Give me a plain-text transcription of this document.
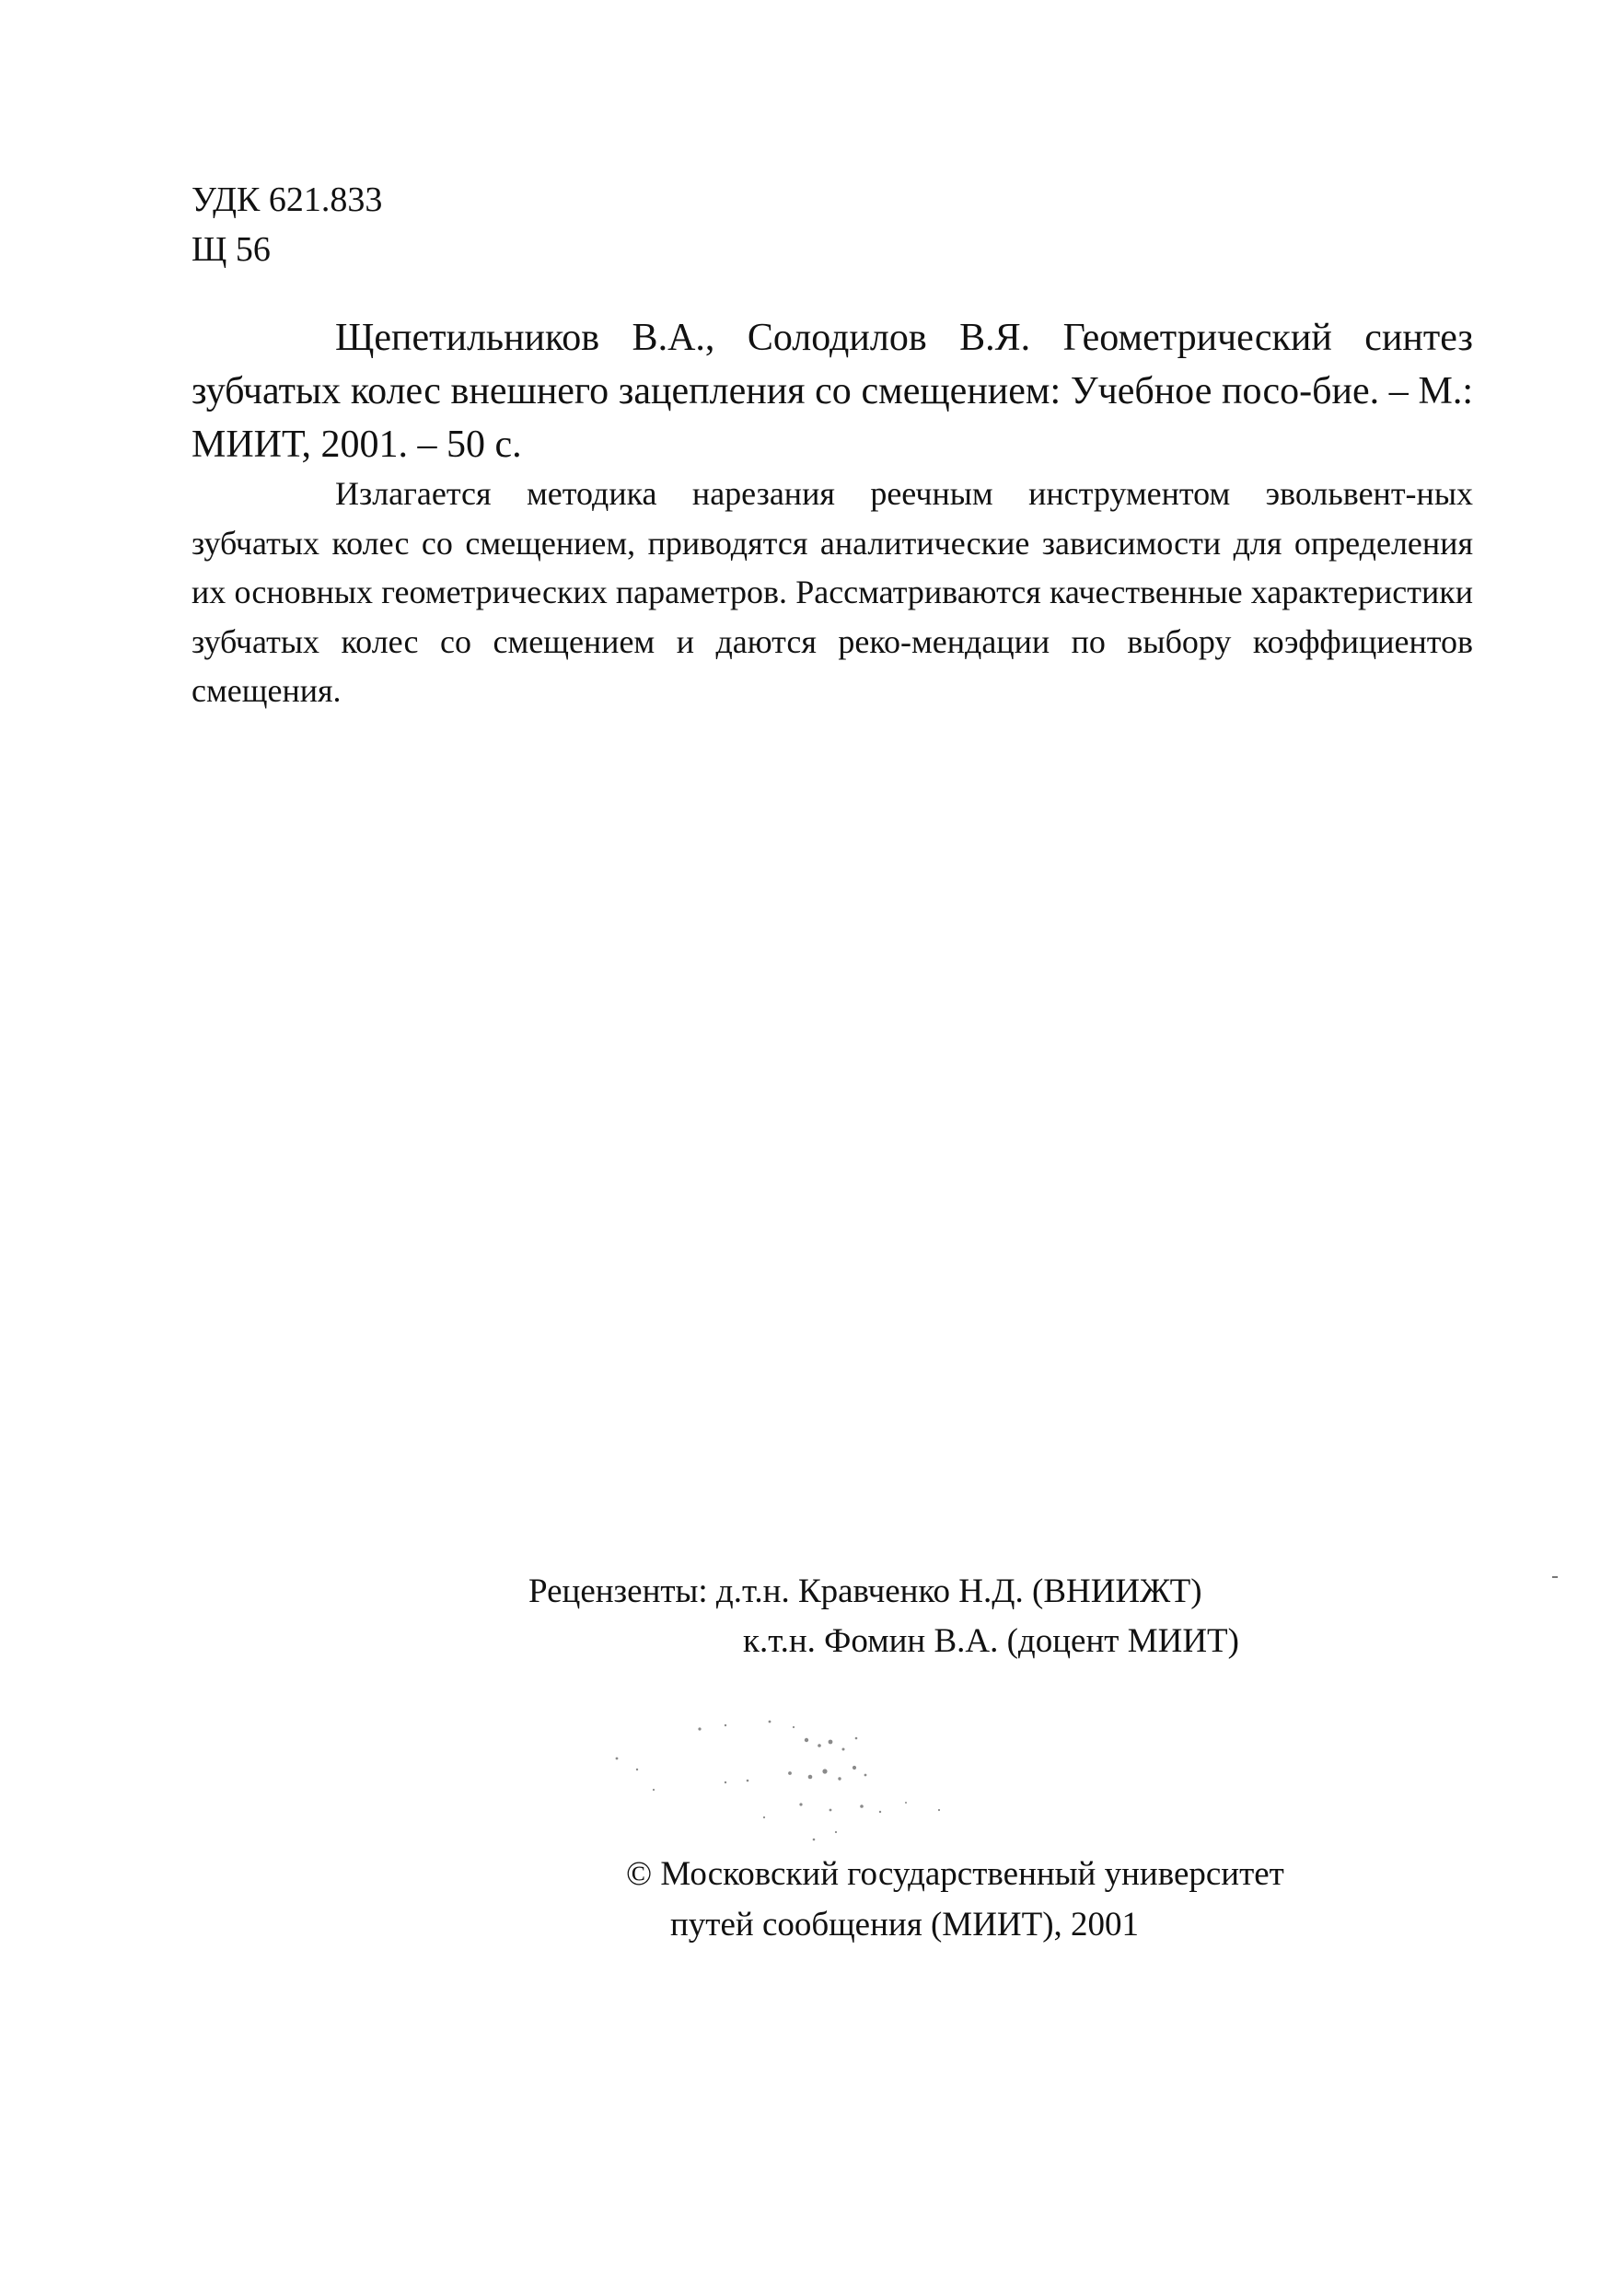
УДК 621.833
Щ 56

Щепетильников В.А., Солодилов В.Я. Геометрический синтез зубчатых колес внешнего зацепления со смещением: Учебное посо-бие. – М.: МИИТ, 2001. – 50 с.

Излагается методика нарезания реечным инструментом эвольвент-ных зубчатых колес со смещением, приводятся аналитические зависимости для определения их основных геометрических параметров. Рассматриваются качественные характеристики зубчатых колес со смещением и даются реко-мендации по выбору коэффициентов смещения.

Рецензенты: д.т.н. Кравченко Н.Д. (ВНИИЖТ)
к.т.н. Фомин В.А. (доцент МИИТ)
© Московский государственный университет
путей сообщения (МИИТ), 2001
